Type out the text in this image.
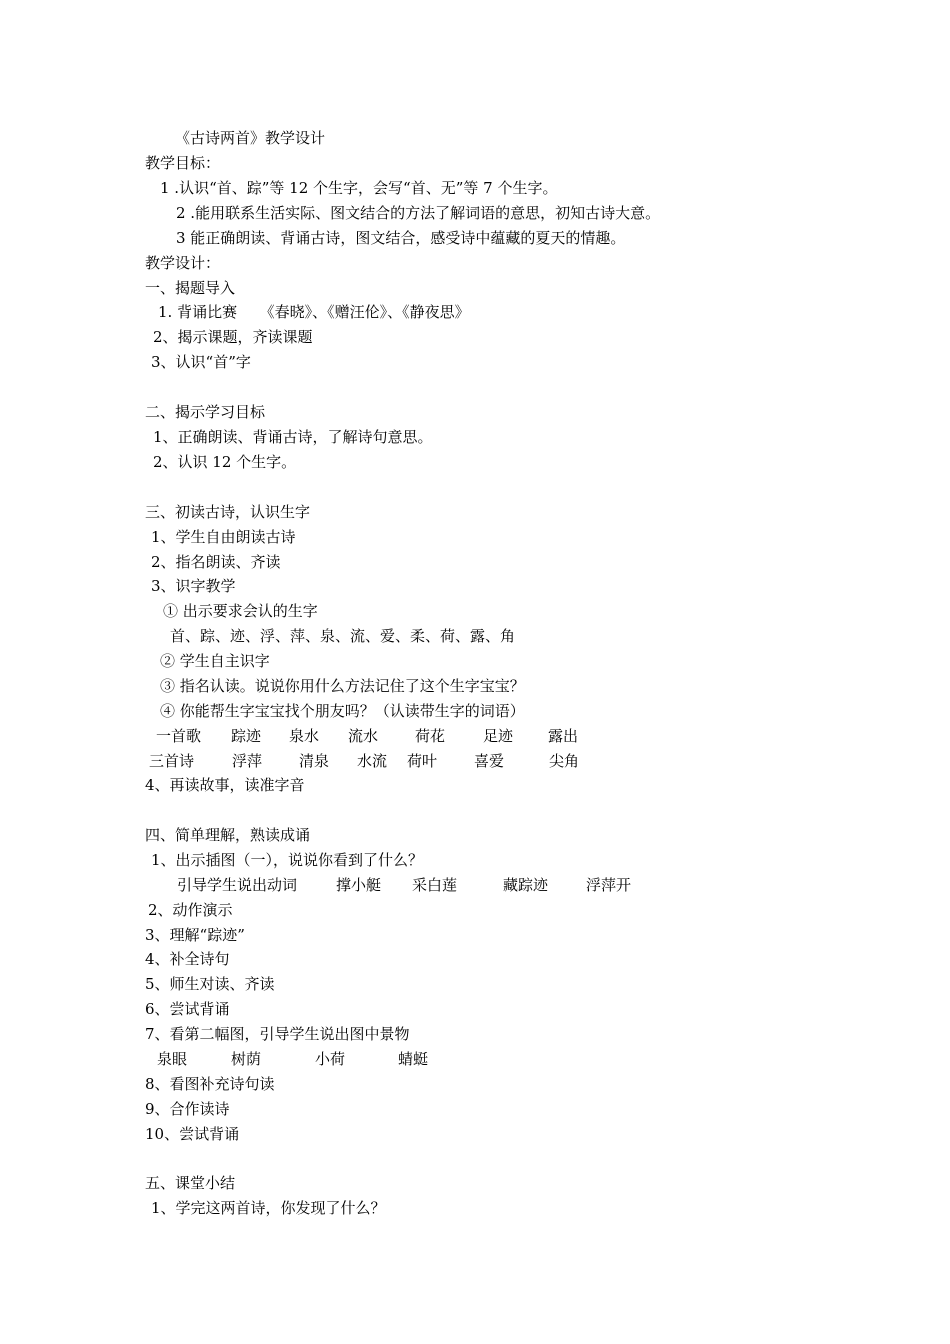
《古诗两首》教学设计
教学目标：
1 .认识“首、踪”等 12 个生字，会写“首、无”等 7 个生字。
2 .能用联系生活实际、图文结合的方法了解词语的意思，初知古诗大意。
3 能正确朗读、背诵古诗，图文结合，感受诗中蕴藏的夏天的情趣。
教学设计：
一、揭题导入
1. 背诵比赛　　《春晓》、《赠汪伦》、《静夜思》
2、揭示课题，齐读课题
3、认识“首”字
二、揭示学习目标
1、正确朗读、背诵古诗，了解诗句意思。
2、认识 12 个生字。
三、初读古诗，认识生字
1、学生自由朗读古诗
2、指名朗读、齐读
3、识字教学
① 出示要求会认的生字
首、踪、迹、浮、萍、泉、流、爱、柔、荷、露、角
② 学生自主识字
③ 指名认读。说说你用什么方法记住了这个生字宝宝？
④ 你能帮生字宝宝找个朋友吗？（认读带生字的词语）
一首歌 踪迹 泉水 流水 荷花	足迹 露出
三首诗	浮萍 清泉 水流 荷叶 喜爱	尖角
4、再读故事，读准字音
四、简单理解，熟读成诵
1、出示插图（一），说说你看到了什么？
引导学生说出动词	撑小艇 采白莲	藏踪迹	浮萍开
2、动作演示
3、理解“踪迹”
4、补全诗句
5、师生对读、齐读
6、尝试背诵
7、看第二幅图，引导学生说出图中景物
泉眼	树荫	小荷	蜻蜓
8、看图补充诗句读
9、合作读诗
10、尝试背诵
五、课堂小结
1、学完这两首诗，你发现了什么？
